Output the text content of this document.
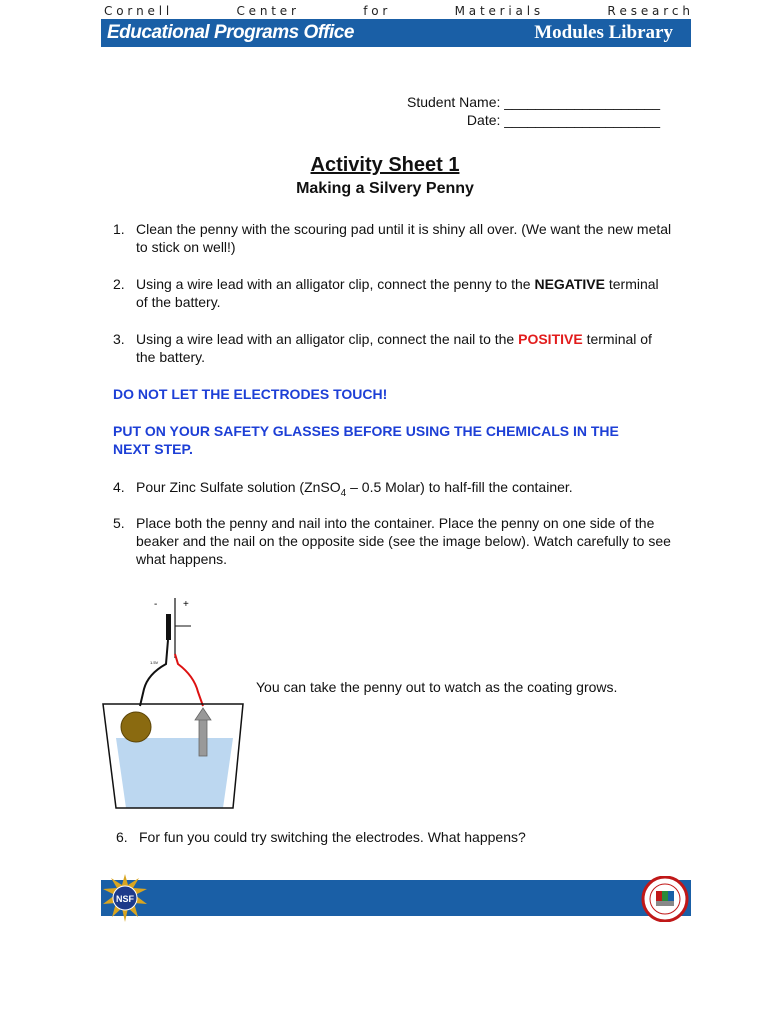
C o r n e l l	C e n t e r	f o r	M a t e r i a l s	R e s e a r c h
Educational Programs Office	Modules Library
Student Name: ____________________
Date: ____________________
Activity Sheet 1
Making a Silvery Penny
1. Clean the penny with the scouring pad until it is shiny all over. (We want the new metal to stick on well!)
2. Using a wire lead with an alligator clip, connect the penny to the NEGATIVE terminal of the battery.
3. Using a wire lead with an alligator clip, connect the nail to the POSITIVE terminal of the battery.
DO NOT LET THE ELECTRODES TOUCH!
PUT ON YOUR SAFETY GLASSES BEFORE USING THE CHEMICALS IN THE NEXT STEP.
4. Pour Zinc Sulfate solution (ZnSO$_4$ – 0.5 Molar) to half-fill the container.
5. Place both the penny and nail into the container. Place the penny on one side of the beaker and the nail on the opposite side (see the image below). Watch carefully to see what happens.
-	+
1.5V
You can take the penny out to watch as the coating grows.
6. For fun you could try switching the electrodes. What happens?
NSF
